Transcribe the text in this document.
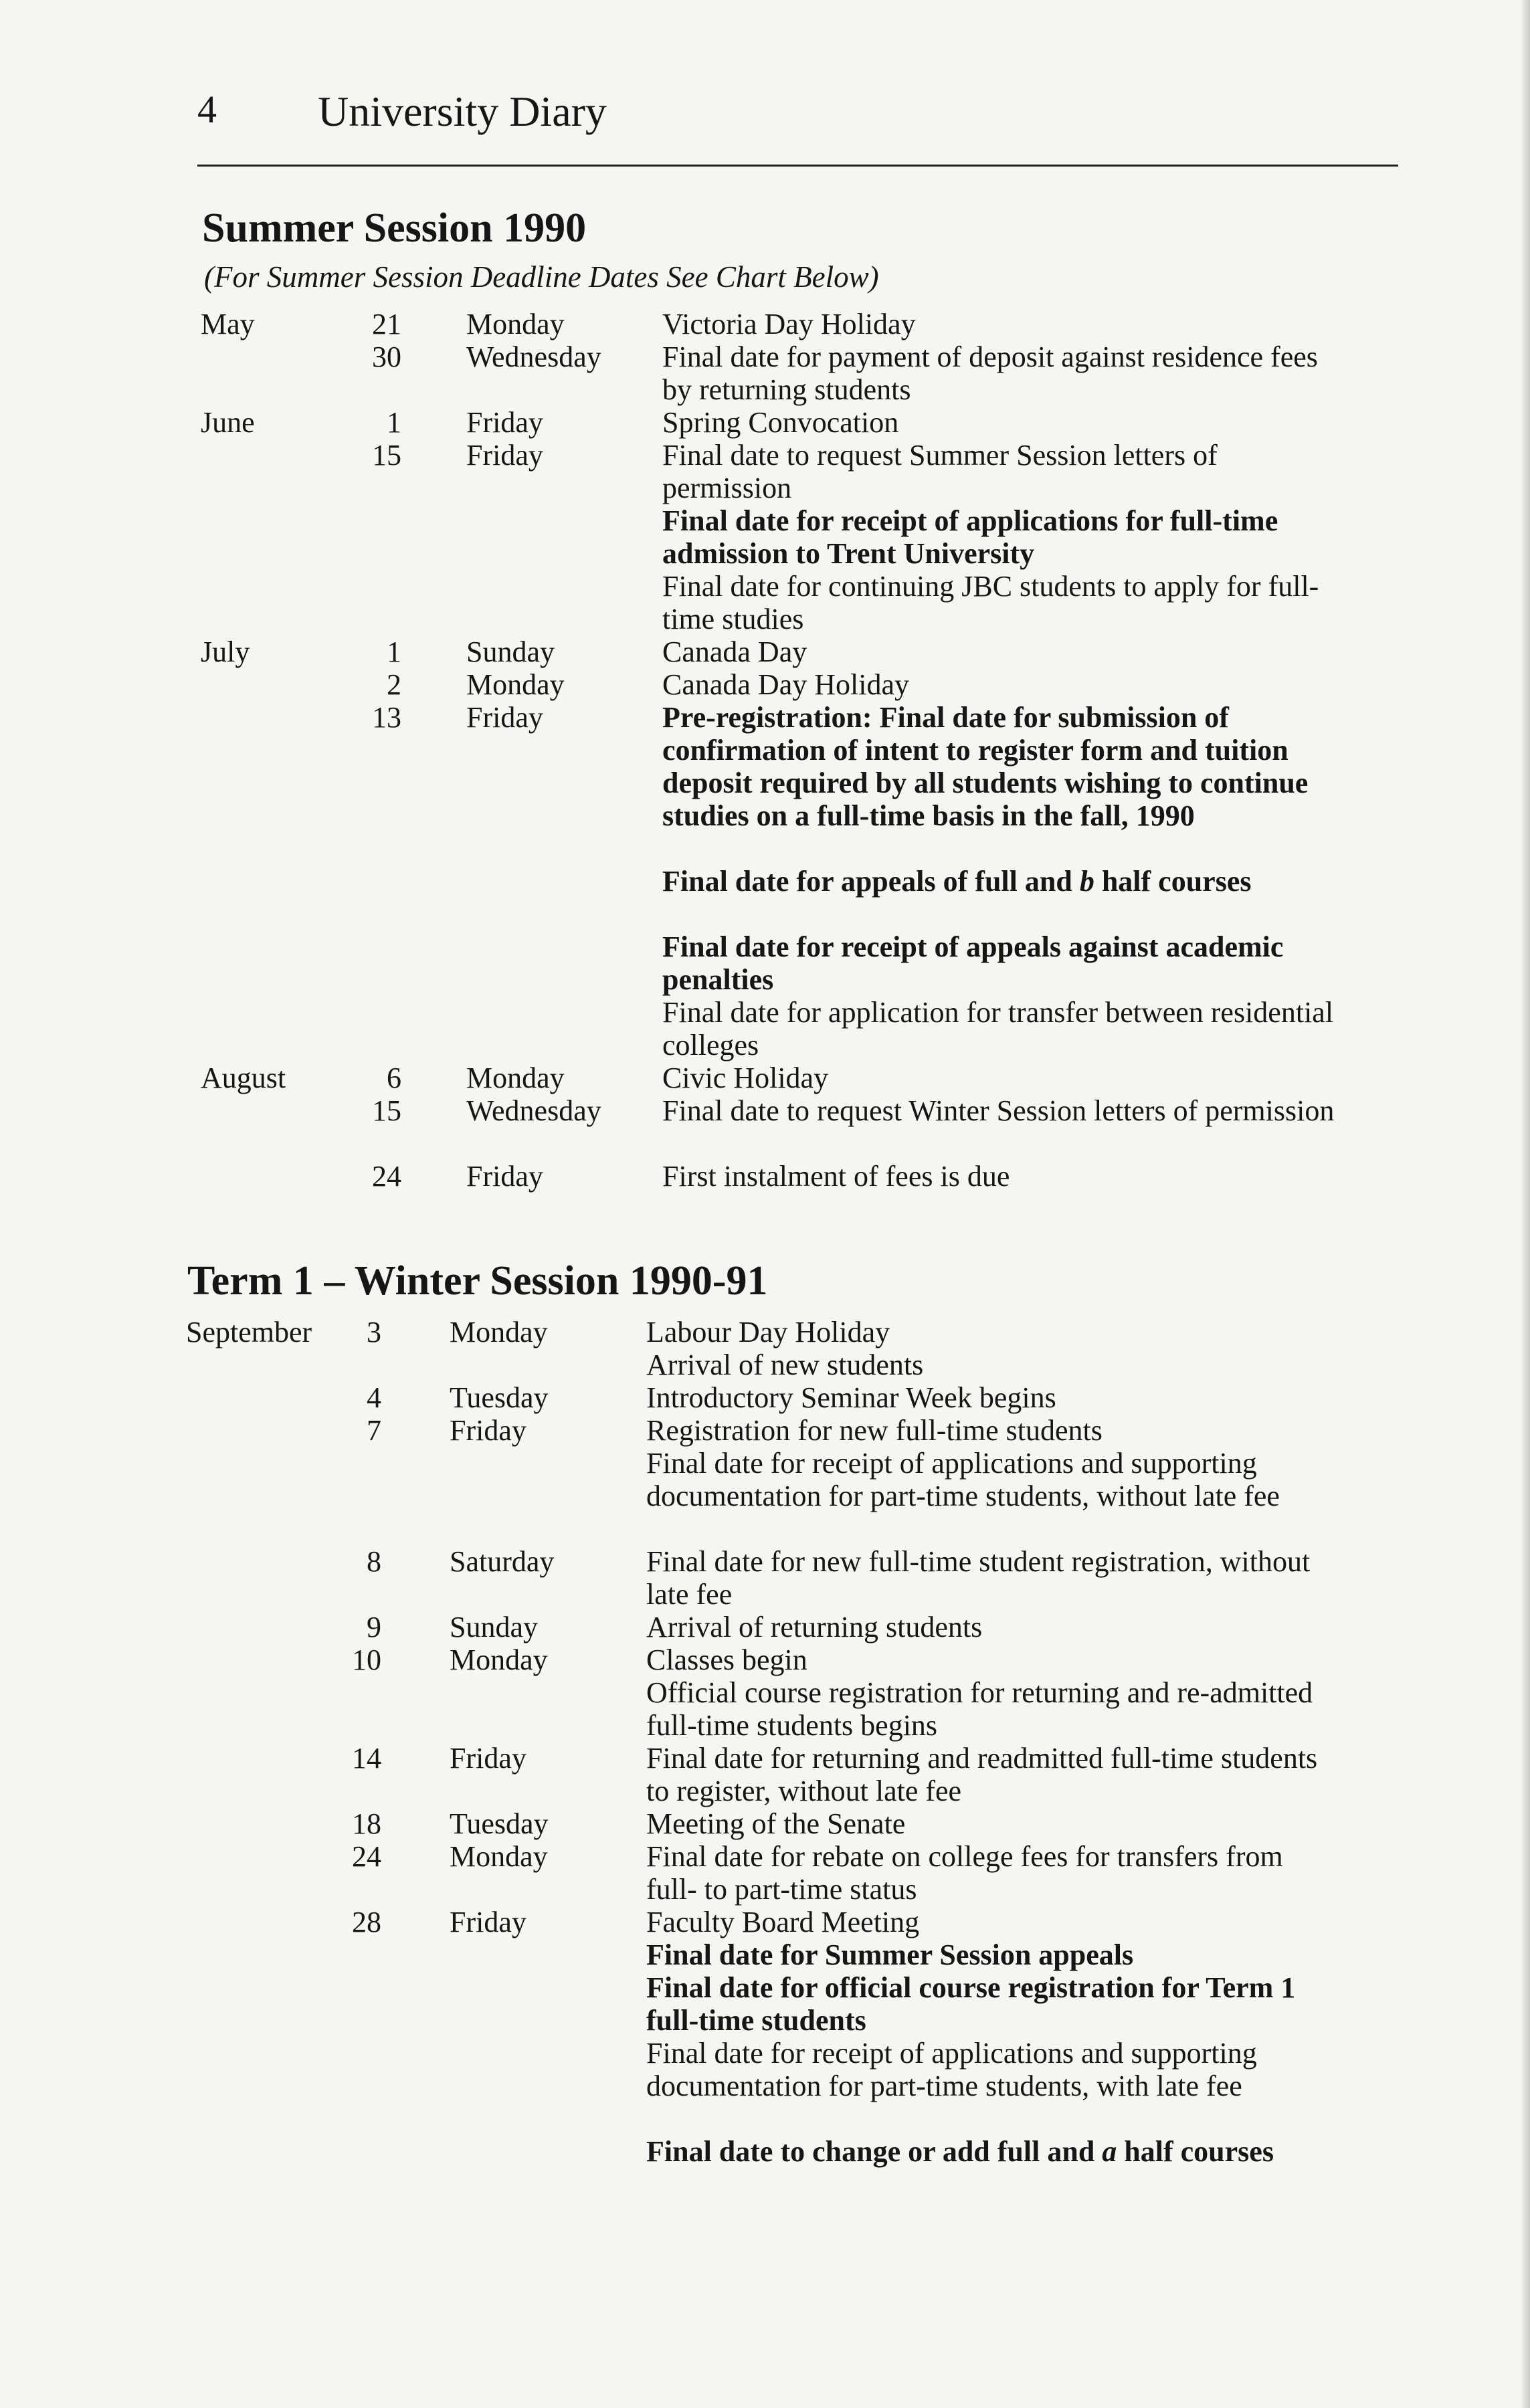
4 University Diary
Summer Session 1990
(For Summer Session Deadline Dates See Chart Below)
May	21 Monday	Victoria Day Holiday
30 Wednesday Final date for payment of deposit against residence fees by returning students
June	1 Friday	Spring Convocation
15 Friday	Final date to request Summer Session letters of permission
Final date for receipt of applications for full-time admission to Trent University
Final date for continuing JBC students to apply for full-time studies
July	1 Sunday	Canada Day
2 Monday	Canada Day Holiday
13 Friday	Pre-registration: Final date for submission of confirmation of intent to register form and tuition deposit required by all students wishing to continue studies on a full-time basis in the fall, 1990
Final date for appeals of full and b half courses
Final date for receipt of appeals against academic penalties
Final date for application for transfer between residential colleges
August	6 Monday	Civic Holiday
15 Wednesday Final date to request Winter Session letters of permission
24 Friday	First instalment of fees is due
Term 1 – Winter Session 1990-91
September	3 Monday	Labour Day Holiday
Arrival of new students
4 Tuesday	Introductory Seminar Week begins
7 Friday	Registration for new full-time students
Final date for receipt of applications and supporting documentation for part-time students, without late fee
8 Saturday	Final date for new full-time student registration, without late fee
9 Sunday	Arrival of returning students
10 Monday	Classes begin
Official course registration for returning and re-admitted full-time students begins
14 Friday	Final date for returning and readmitted full-time students to register, without late fee
18 Tuesday	Meeting of the Senate
24 Monday	Final date for rebate on college fees for transfers from full- to part-time status
28 Friday	Faculty Board Meeting
Final date for Summer Session appeals
Final date for official course registration for Term 1 full-time students
Final date for receipt of applications and supporting documentation for part-time students, with late fee
Final date to change or add full and a half courses
